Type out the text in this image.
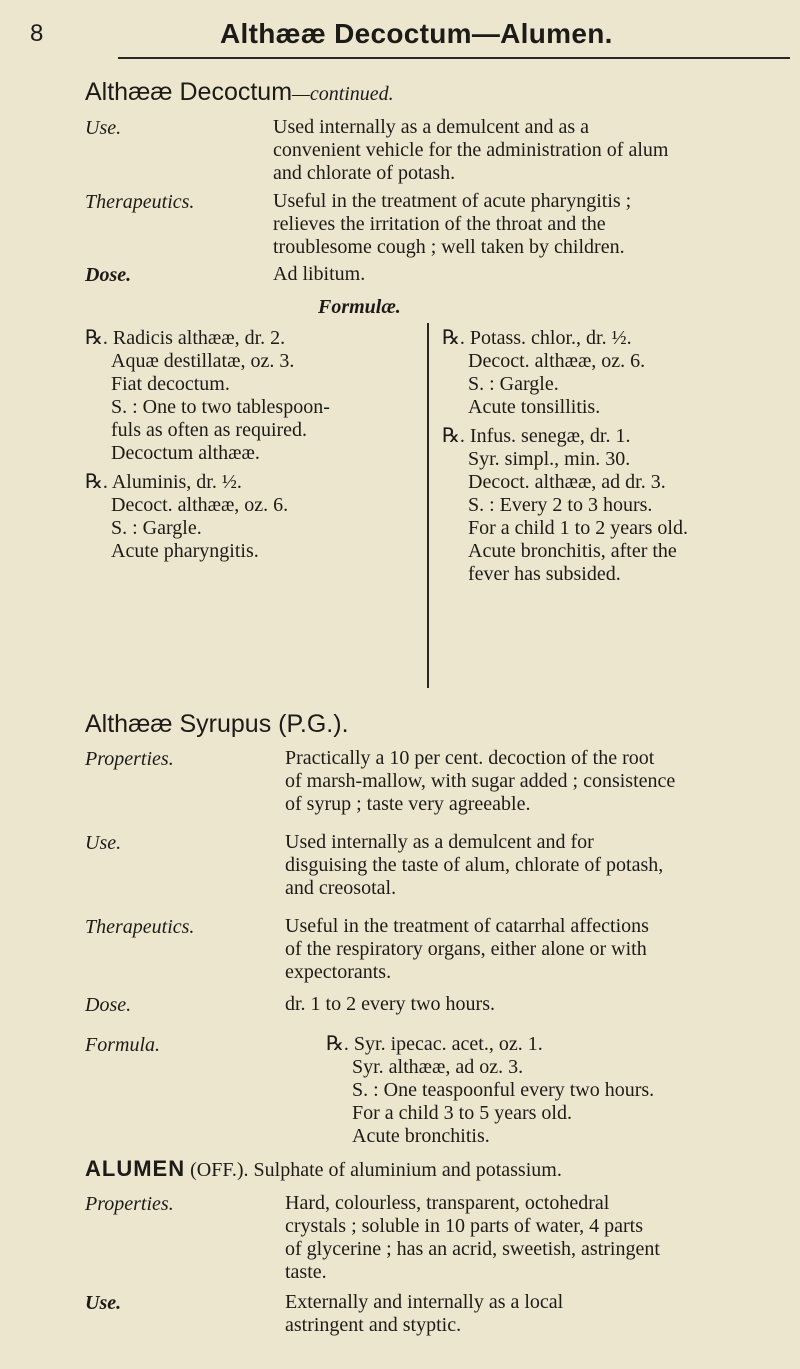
8	Althææ Decoctum—Alumen.
Althææ Decoctum—continued.
Use.	Used internally as a demulcent and as a
convenient vehicle for the administration of alum
and chlorate of potash.
Therapeutics.	Useful in the treatment of acute pharyngitis ;
relieves the irritation of the throat and the
troublesome cough ; well taken by children.
Dose.	Ad libitum.
Formulæ.
℞. Radicis althææ, dr. 2.
Aquæ destillatæ, oz. 3.
Fiat decoctum.
S. : One to two tablespoon-
fuls as often as required.
Decoctum althææ.
℞. Aluminis, dr. ½.
Decoct. althææ, oz. 6.
S. : Gargle.
Acute pharyngitis.
℞. Potass. chlor., dr. ½.
Decoct. althææ, oz. 6.
S. : Gargle.
Acute tonsillitis.
℞. Infus. senegæ, dr. 1.
Syr. simpl., min. 30.
Decoct. althææ, ad dr. 3.
S. : Every 2 to 3 hours.
For a child 1 to 2 years old.
Acute bronchitis, after the
fever has subsided.
Althææ Syrupus (P.G.).
Properties.	Practically a 10 per cent. decoction of the root
of marsh-mallow, with sugar added ; consistence
of syrup ; taste very agreeable.
Use.	Used internally as a demulcent and for
disguising the taste of alum, chlorate of potash,
and creosotal.
Therapeutics.	Useful in the treatment of catarrhal affections
of the respiratory organs, either alone or with
expectorants.
Dose.	dr. 1 to 2 every two hours.
Formula.	℞. Syr. ipecac. acet., oz. 1.
Syr. althææ, ad oz. 3.
S. : One teaspoonful every two hours.
For a child 3 to 5 years old.
Acute bronchitis.
ALUMEN (OFF.). Sulphate of aluminium and potassium.
Properties.	Hard, colourless, transparent, octohedral
crystals ; soluble in 10 parts of water, 4 parts
of glycerine ; has an acrid, sweetish, astringent
taste.
Use.	Externally and internally as a local
astringent and styptic.
